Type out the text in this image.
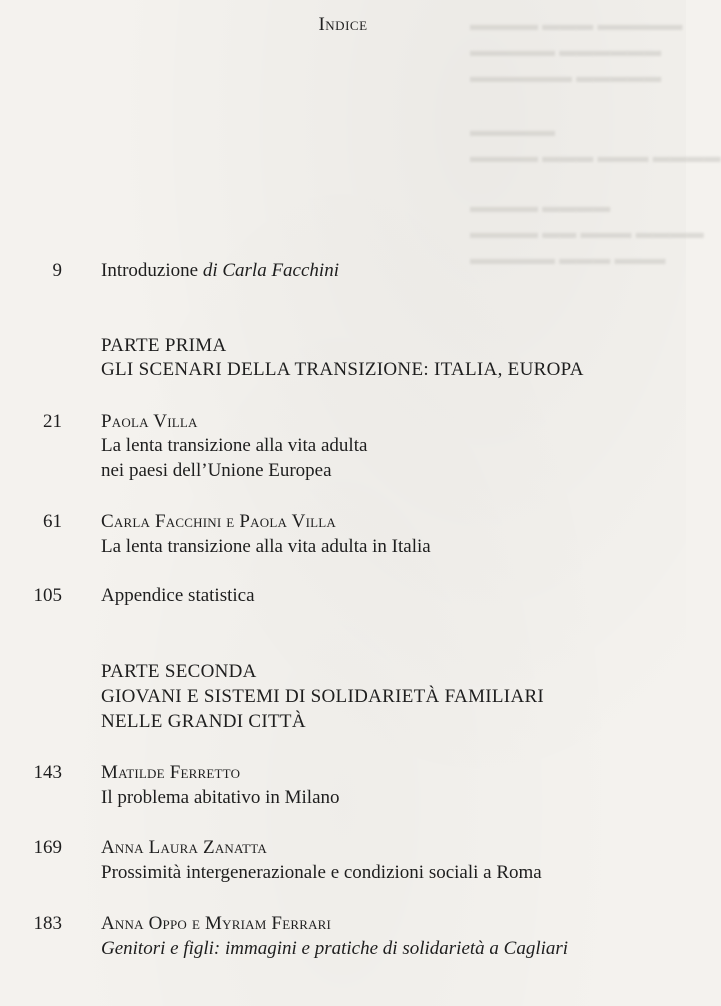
▬▬▬▬ ▬▬▬ ▬▬▬▬▬
▬▬▬▬▬ ▬▬▬▬▬▬
▬▬▬▬▬▬ ▬▬▬▬▬
▬▬▬▬▬
▬▬▬▬ ▬▬▬ ▬▬▬ ▬▬▬▬
▬▬▬▬ ▬▬▬▬
▬▬▬▬ ▬▬ ▬▬▬ ▬▬▬▬
▬▬▬▬▬ ▬▬▬ ▬▬▬
Indice
9 Introduzione di Carla Facchini
PARTE PRIMA
GLI SCENARI DELLA TRANSIZIONE: ITALIA, EUROPA
21 Paola Villa
La lenta transizione alla vita adulta
nei paesi dell’Unione Europea
61 Carla Facchini e Paola Villa
La lenta transizione alla vita adulta in Italia
105 Appendice statistica
PARTE SECONDA
GIOVANI E SISTEMI DI SOLIDARIETÀ FAMILIARI
NELLE GRANDI CITTÀ
143 Matilde Ferretto
Il problema abitativo in Milano
169 Anna Laura Zanatta
Prossimità intergenerazionale e condizioni sociali a Roma
183 Anna Oppo e Myriam Ferrari
Genitori e figli: immagini e pratiche di solidarietà a Cagliari
